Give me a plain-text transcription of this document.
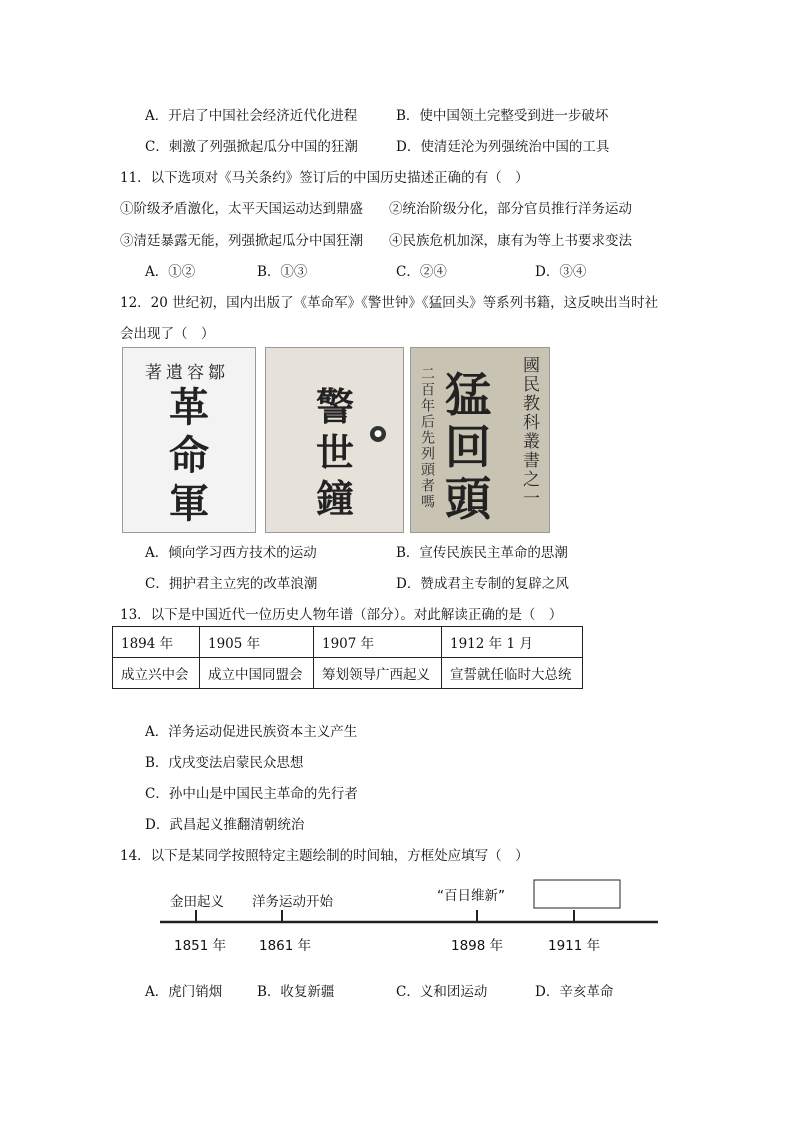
A．开启了中国社会经济近代化进程	B．使中国领土完整受到进一步破坏
C．刺激了列强掀起瓜分中国的狂潮	D．使清廷沦为列强统治中国的工具
11．以下选项对《马关条约》签订后的中国历史描述正确的有（　）
①阶级矛盾激化，太平天国运动达到鼎盛 ②统治阶级分化，部分官员推行洋务运动
③清廷暴露无能，列强掀起瓜分中国狂潮 ④民族危机加深，康有为等上书要求变法
A．①②	B．①③	C．②④	D．③④
12．20 世纪初，国内出版了《革命军》《警世钟》《猛回头》等系列书籍，这反映出当时社
会出现了（　）
著遺容鄒
革
命
軍
警
世
鐘
●	國民教科叢書之一
二百年后先列頭者嗎 猛
回
頭
A．倾向学习西方技术的运动	B．宣传民族民主革命的思潮
C．拥护君主立宪的改革浪潮	D．赞成君主专制的复辟之风
13．以下是中国近代一位历史人物年谱（部分）。对此解读正确的是（　）
1894 年	1905 年	1907 年	1912 年 1 月
成立兴中会	成立中国同盟会	筹划领导广西起义	宣誓就任临时大总统
A．洋务运动促进民族资本主义产生
B．戊戌变法启蒙民众思想
C．孙中山是中国民主革命的先行者
D．武昌起义推翻清朝统治
14．以下是某同学按照特定主题绘制的时间轴，方框处应填写（　）
金田起义 洋务运动开始	“百日维新”
1851 年 1861 年	1898 年	1911 年
A．虎门销烟	B．收复新疆	C．义和团运动	D．辛亥革命
